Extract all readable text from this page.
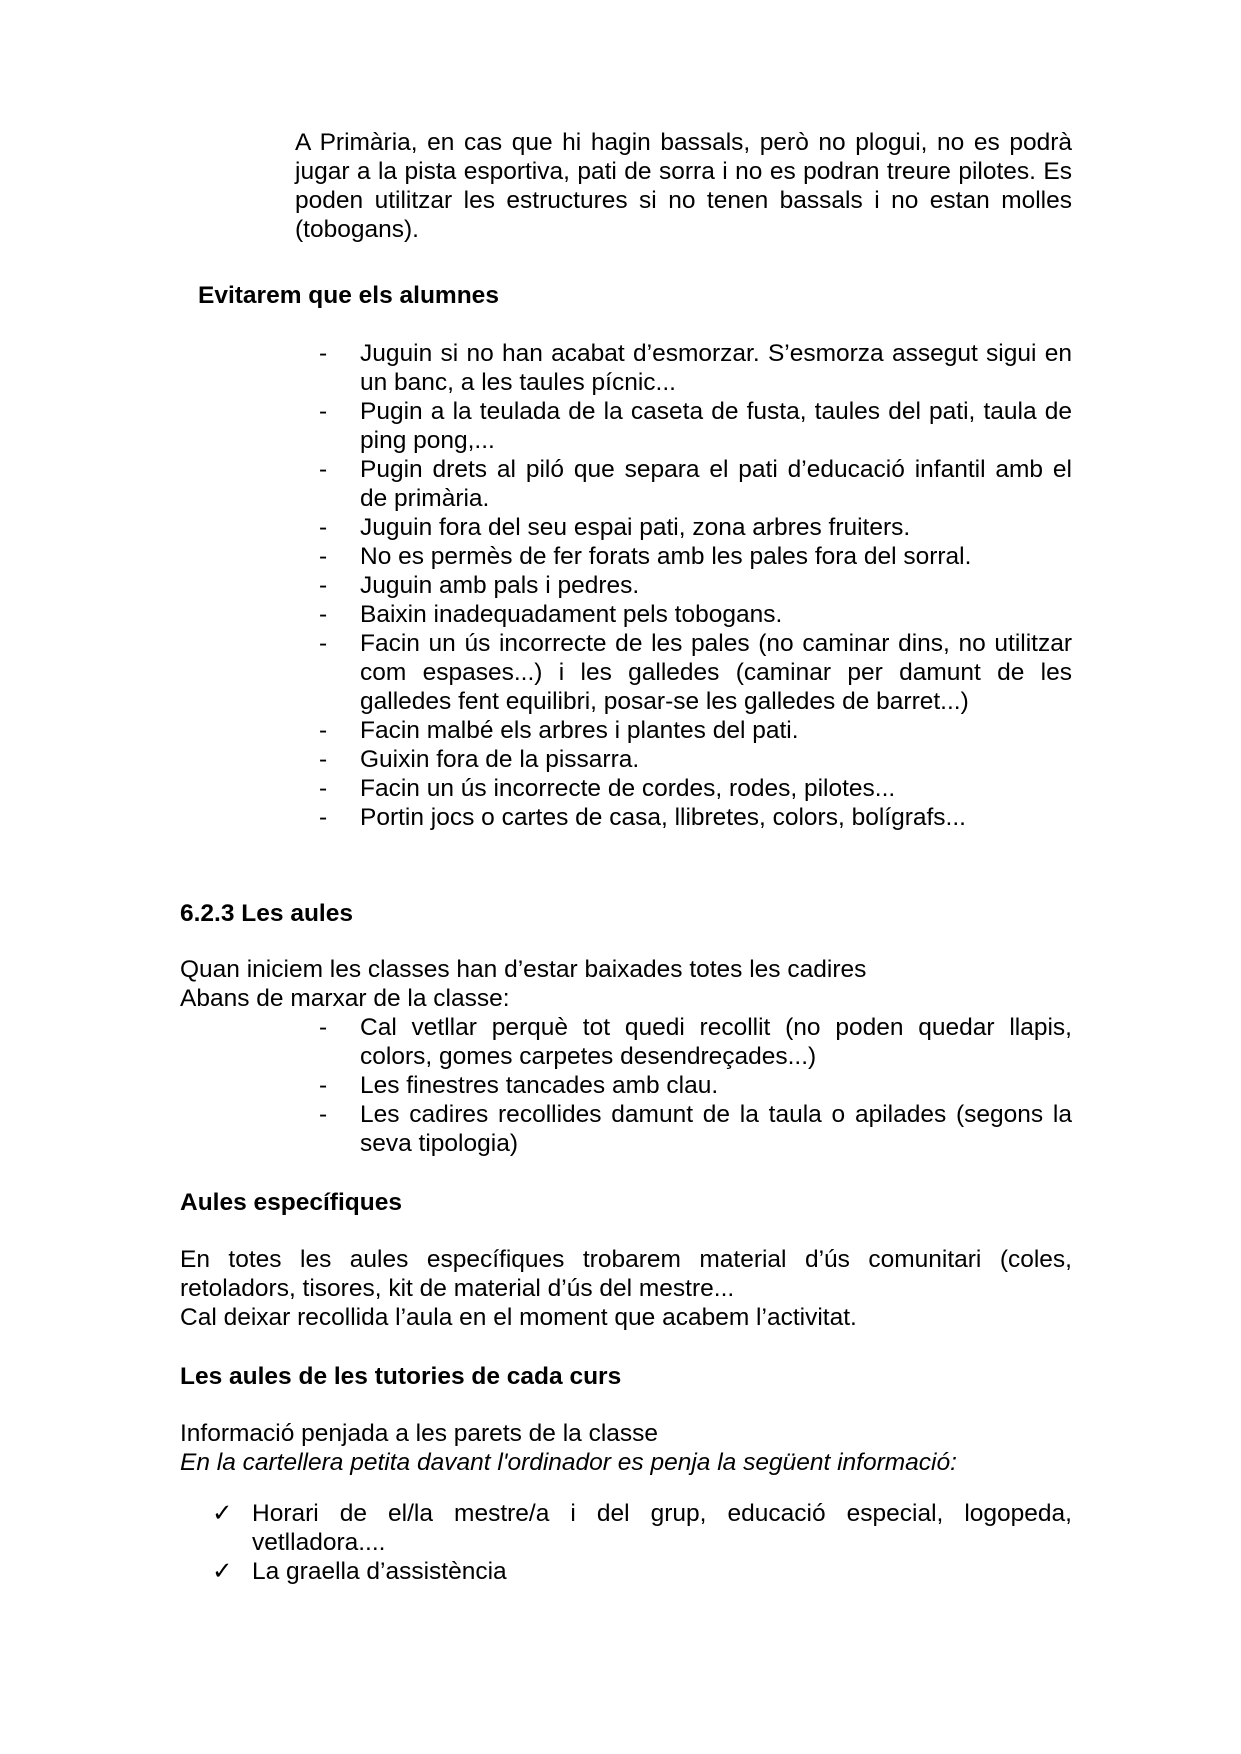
A Primària, en cas que hi hagin bassals, però no plogui, no es podrà jugar a la pista esportiva, pati de sorra i no es podran treure pilotes. Es poden utilitzar les estructures si no tenen bassals i no estan molles (tobogans).

Evitarem que els alumnes
- Juguin si no han acabat d’esmorzar. S’esmorza assegut sigui en un banc, a les taules pícnic...
- Pugin a la teulada de la caseta de fusta, taules del pati, taula de ping pong,...
- Pugin drets al piló que separa el pati d’educació infantil amb el de primària.
- Juguin fora del seu espai pati, zona arbres fruiters.
- No es permès de fer forats amb les pales fora del sorral.
- Juguin amb pals i pedres.
- Baixin inadequadament pels tobogans.
- Facin un ús incorrecte de les pales (no caminar dins, no utilitzar com espases...) i les galledes (caminar per damunt de les galledes fent equilibri, posar-se les galledes de barret...)
- Facin malbé els arbres i plantes del pati.
- Guixin fora de la pissarra.
- Facin un ús incorrecte de cordes, rodes, pilotes...
- Portin jocs o cartes de casa, llibretes, colors, bolígrafs...
6.2.3 Les aules
Quan iniciem les classes han d’estar baixades totes les cadires
Abans de marxar de la classe:
- Cal vetllar perquè tot quedi recollit (no poden quedar llapis, colors, gomes carpetes desendreçades...)
- Les finestres tancades amb clau.
- Les cadires recollides damunt de la taula o apilades (segons la seva tipologia)
Aules específiques
En totes les aules específiques trobarem material d’ús comunitari (coles, retoladors, tisores, kit de material d’ús del mestre...
Cal deixar recollida l’aula en el moment que acabem l’activitat.
Les aules de les tutories de cada curs
Informació penjada a les parets de la classe
En la cartellera petita davant l'ordinador es penja la següent informació:
✓ Horari de el/la mestre/a i del grup, educació especial, logopeda, vetlladora....
✓ La graella d’assistència
